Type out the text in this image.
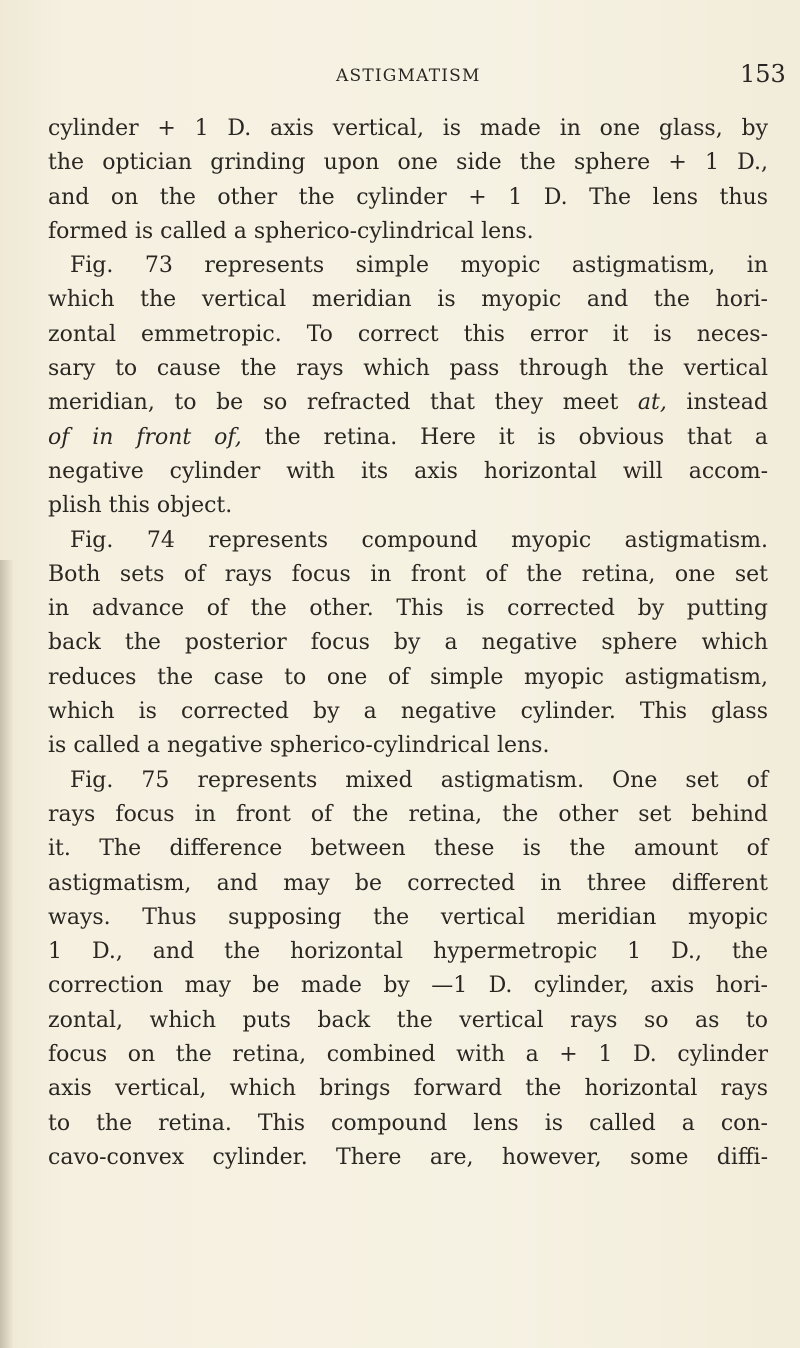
ASTIGMATISM	153
cylinder + 1 D. axis vertical, is made in one glass, by
the optician grinding upon one side the sphere + 1 D.,
and on the other the cylinder + 1 D. The lens thus
formed is called a spherico-cylindrical lens.
Fig. 73 represents simple myopic astigmatism, in
which the vertical meridian is myopic and the hori-
zontal emmetropic. To correct this error it is neces-
sary to cause the rays which pass through the vertical
meridian, to be so refracted that they meet at, instead
of in front of, the retina. Here it is obvious that a
negative cylinder with its axis horizontal will accom-
plish this object.
Fig. 74 represents compound myopic astigmatism.
Both sets of rays focus in front of the retina, one set
in advance of the other. This is corrected by putting
back the posterior focus by a negative sphere which
reduces the case to one of simple myopic astigmatism,
which is corrected by a negative cylinder. This glass
is called a negative spherico-cylindrical lens.
Fig. 75 represents mixed astigmatism. One set of
rays focus in front of the retina, the other set behind
it. The difference between these is the amount of
astigmatism, and may be corrected in three different
ways. Thus supposing the vertical meridian myopic
1 D., and the horizontal hypermetropic 1 D., the
correction may be made by —1 D. cylinder, axis hori-
zontal, which puts back the vertical rays so as to
focus on the retina, combined with a + 1 D. cylinder
axis vertical, which brings forward the horizontal rays
to the retina. This compound lens is called a con-
cavo-convex cylinder. There are, however, some diffi-
